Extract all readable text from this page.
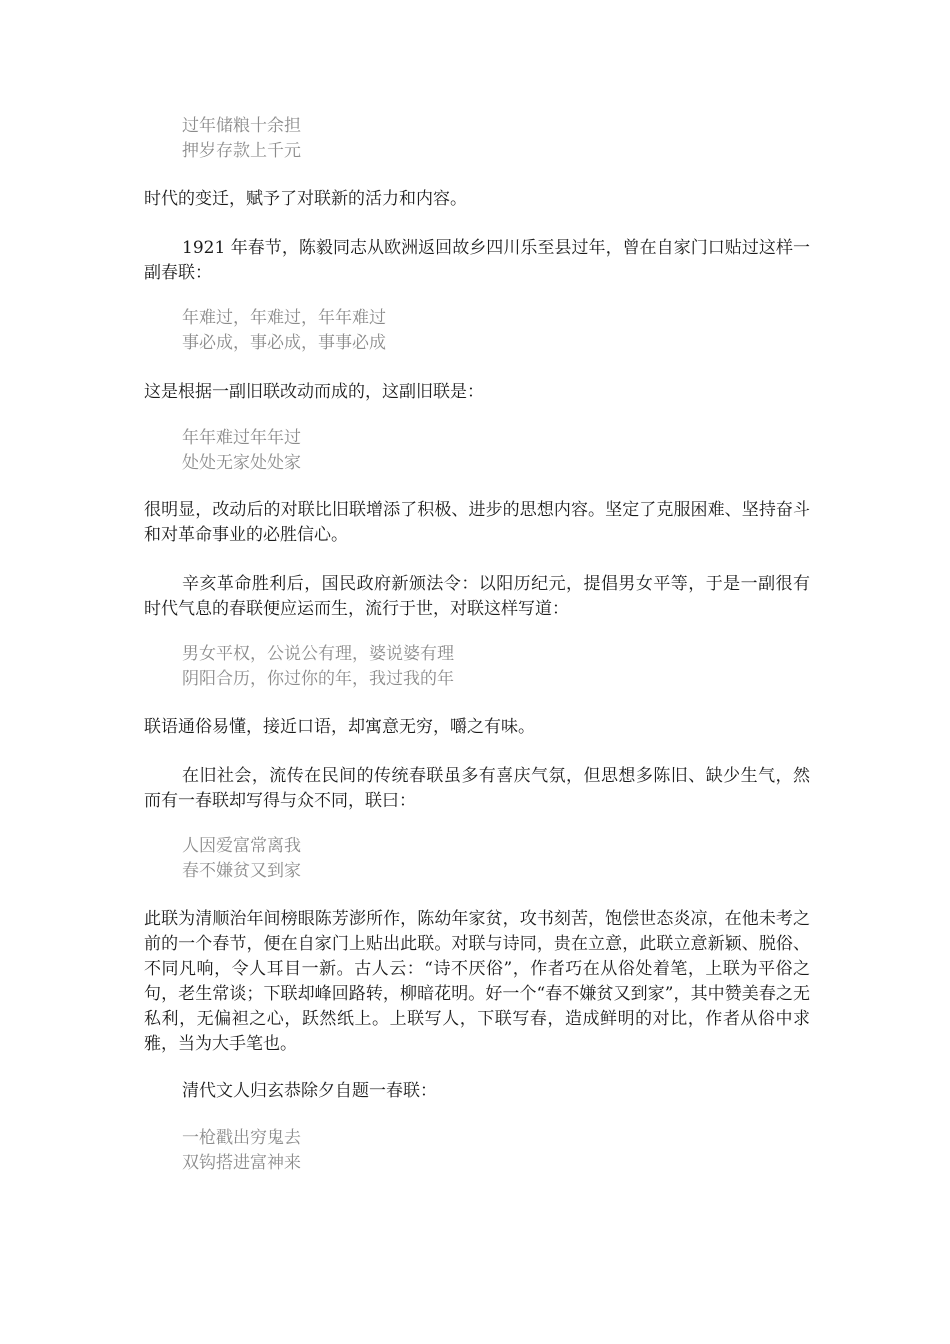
过年储粮十余担
押岁存款上千元

时代的变迁，赋予了对联新的活力和内容。

1921 年春节，陈毅同志从欧洲返回故乡四川乐至县过年，曾在自家门口贴过这样一副春联：

年难过，年难过，年年难过
事必成，事必成，事事必成

这是根据一副旧联改动而成的，这副旧联是：

年年难过年年过
处处无家处处家

很明显，改动后的对联比旧联增添了积极、进步的思想内容。坚定了克服困难、坚持奋斗和对革命事业的必胜信心。

辛亥革命胜利后，国民政府新颁法令：以阳历纪元，提倡男女平等，于是一副很有时代气息的春联便应运而生，流行于世，对联这样写道：

男女平权，公说公有理，婆说婆有理
阴阳合历，你过你的年，我过我的年

联语通俗易懂，接近口语，却寓意无穷，嚼之有味。

在旧社会，流传在民间的传统春联虽多有喜庆气氛，但思想多陈旧、缺少生气，然而有一春联却写得与众不同，联曰：

人因爱富常离我
春不嫌贫又到家

此联为清顺治年间榜眼陈芳澎所作，陈幼年家贫，攻书刻苦，饱偿世态炎凉，在他未考之前的一个春节，便在自家门上贴出此联。对联与诗同，贵在立意，此联立意新颖、脱俗、不同凡响，令人耳目一新。古人云：“诗不厌俗”，作者巧在从俗处着笔，上联为平俗之句，老生常谈；下联却峰回路转，柳暗花明。好一个“春不嫌贫又到家”，其中赞美春之无私利，无偏袒之心，跃然纸上。上联写人，下联写春，造成鲜明的对比，作者从俗中求雅，当为大手笔也。

清代文人归玄恭除夕自题一春联：

一枪戳出穷鬼去
双钩搭进富神来
